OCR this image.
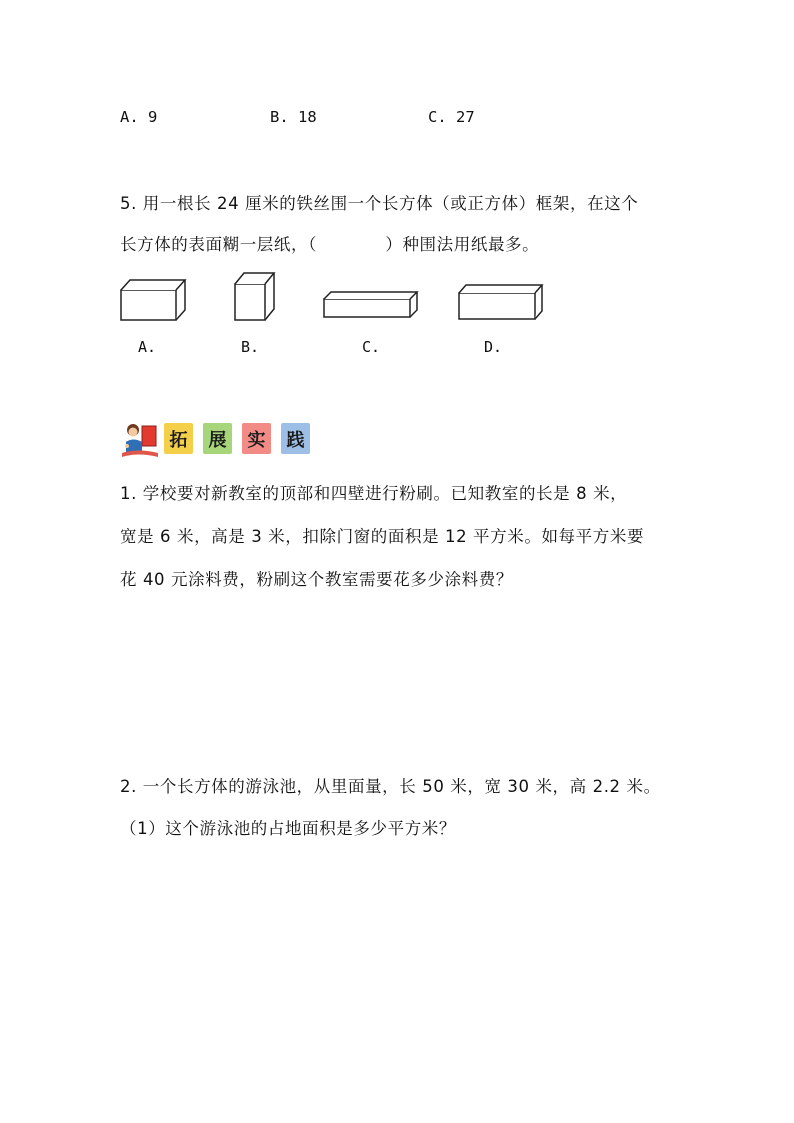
A. 9	B. 18	C. 27
5. 用一根长 24 厘米的铁丝围一个长方体（或正方体）框架，在这个
长方体的表面糊一层纸，（　　　　）种围法用纸最多。
A.	B.	C.	D.
拓	展	实	践
1. 学校要对新教室的顶部和四壁进行粉刷。已知教室的长是 8 米，
宽是 6 米，高是 3 米，扣除门窗的面积是 12 平方米。如每平方米要
花 40 元涂料费，粉刷这个教室需要花多少涂料费？
2. 一个长方体的游泳池，从里面量，长 50 米，宽 30 米，高 2.2 米。
（1）这个游泳池的占地面积是多少平方米？
